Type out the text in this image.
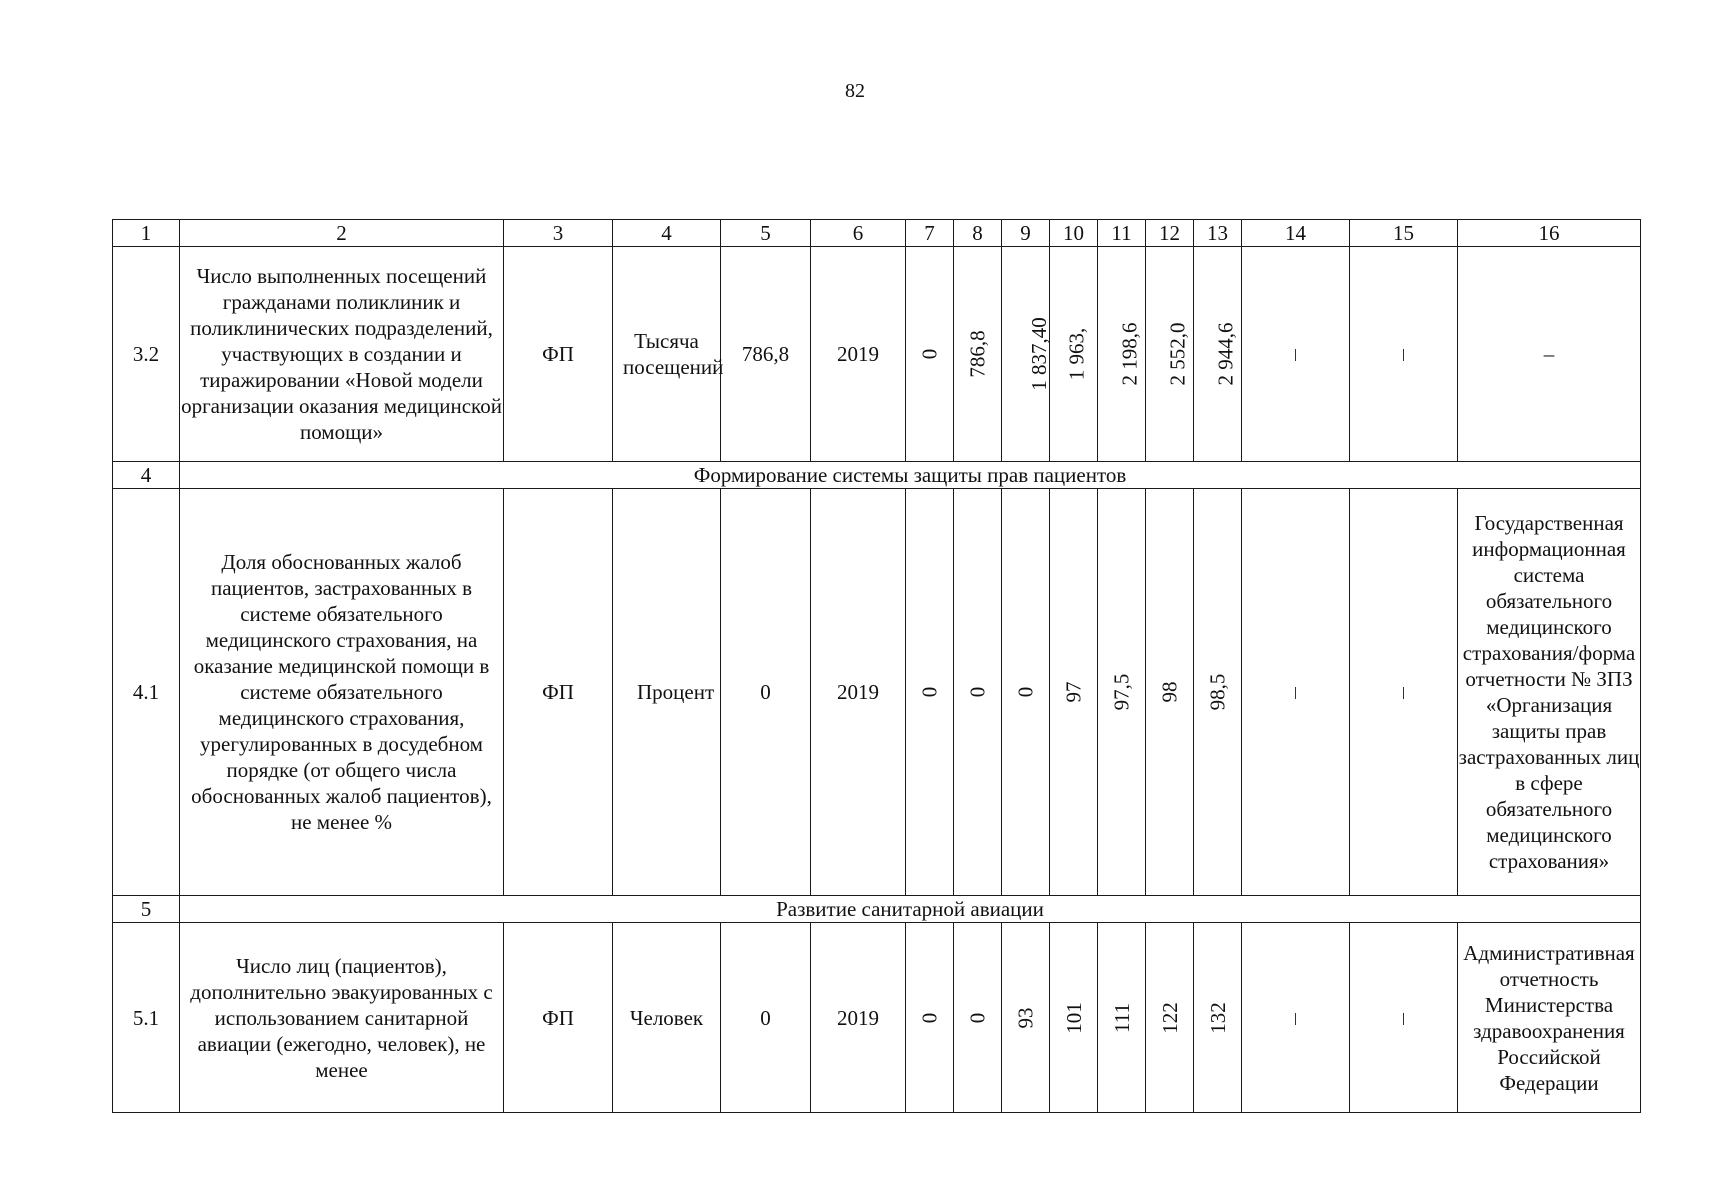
82
1	2	3	4	5	6	7	8	9	10	11	12	13	14	15	16
3.2	Число выполненных посещений гражданами поликлиник и поликлинических подразделений, участвующих в создании и тиражировании «Новой модели организации оказания медицинской помощи»	ФП	Тысяча посещений	786,8	2019	0	786,8	1 837,40	1 963,	2 198,6	2 552,0	2 944,6			–
4	Формирование системы защиты прав пациентов														
4.1	Доля обоснованных жалоб пациентов, застрахованных в системе обязательного медицинского страхования, на оказание медицинской помощи в системе обязательного медицинского страхования, урегулированных в досудебном порядке (от общего числа обоснованных жалоб пациентов), не менее %	ФП	Процент	0	2019	0	0	0	97	97,5	98	98,5			Государственная информационная система обязательного медицинского страхования/форма отчетности № ЗПЗ «Организация защиты прав застрахованных лиц в сфере обязательного медицинского страхования»
5	Развитие санитарной авиации														
5.1	Число лиц (пациентов), дополнительно эвакуированных с использованием санитарной авиации (ежегодно, человек), не менее	ФП	Человек	0	2019	0	0	93	101	111	122	132			Административная отчетность Министерства здравоохранения Российской Федерации
